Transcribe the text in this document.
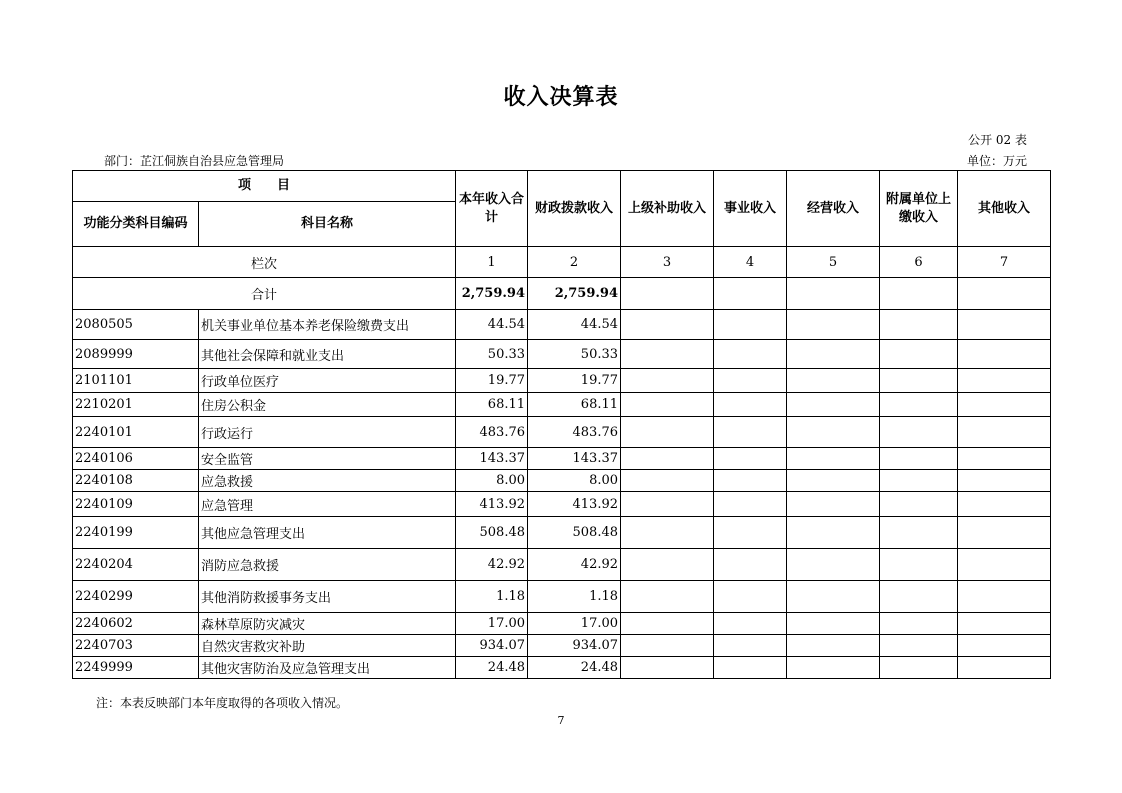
收入决算表
公开 02 表
部门：芷江侗族自治县应急管理局	单位：万元
项　　目		本年收入合计	财政拨款收入	上级补助收入	事业收入	经营收入	附属单位上缴收入	其他收入
功能分类科目编码	科目名称							
栏次		1	2	3	4	5	6	7
合计		2,759.94	2,759.94					
2080505	机关事业单位基本养老保险缴费支出	44.54	44.54					
2089999	其他社会保障和就业支出	50.33	50.33					
2101101	行政单位医疗	19.77	19.77					
2210201	住房公积金	68.11	68.11					
2240101	行政运行	483.76	483.76					
2240106	安全监管	143.37	143.37					
2240108	应急救援	8.00	8.00					
2240109	应急管理	413.92	413.92					
2240199	其他应急管理支出	508.48	508.48					
2240204	消防应急救援	42.92	42.92					
2240299	其他消防救援事务支出	1.18	1.18					
2240602	森林草原防灾减灾	17.00	17.00					
2240703	自然灾害救灾补助	934.07	934.07					
2249999	其他灾害防治及应急管理支出	24.48	24.48					
注：本表反映部门本年度取得的各项收入情况。
7
